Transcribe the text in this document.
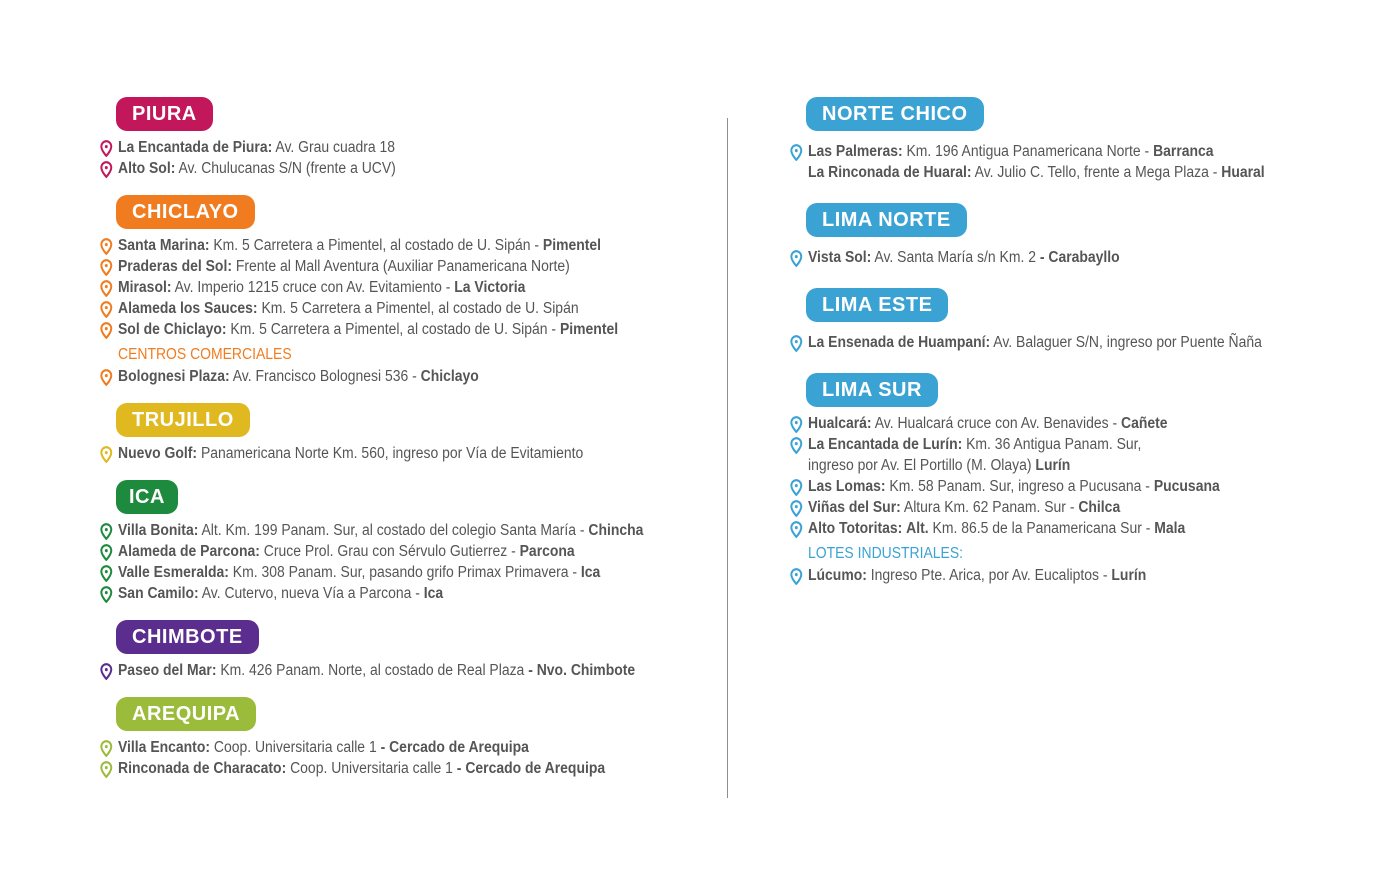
PIURA
La Encantada de Piura: Av. Grau cuadra 18
Alto Sol: Av. Chulucanas S/N (frente a UCV)
CHICLAYO
Santa Marina: Km. 5 Carretera a Pimentel, al costado de U. Sipán - Pimentel
Praderas del Sol: Frente al Mall Aventura (Auxiliar Panamericana Norte)
Mirasol: Av. Imperio 1215 cruce con Av. Evitamiento - La Victoria
Alameda los Sauces: Km. 5 Carretera a Pimentel, al costado de U. Sipán
Sol de Chiclayo: Km. 5 Carretera a Pimentel, al costado de U. Sipán - Pimentel
CENTROS COMERCIALES
Bolognesi Plaza: Av. Francisco Bolognesi 536 - Chiclayo
TRUJILLO
Nuevo Golf: Panamericana Norte Km. 560, ingreso por Vía de Evitamiento
ICA
Villa Bonita: Alt. Km. 199 Panam. Sur, al costado del colegio Santa María - Chincha
Alameda de Parcona: Cruce Prol. Grau con Sérvulo Gutierrez - Parcona
Valle Esmeralda: Km. 308 Panam. Sur, pasando grifo Primax Primavera - Ica
San Camilo: Av. Cutervo, nueva Vía a Parcona - Ica
CHIMBOTE
Paseo del Mar: Km. 426 Panam. Norte, al costado de Real Plaza - Nvo. Chimbote
AREQUIPA
Villa Encanto: Coop. Universitaria calle 1 - Cercado de Arequipa
Rinconada de Characato: Coop. Universitaria calle 1 - Cercado de Arequipa
NORTE CHICO
Las Palmeras: Km. 196 Antigua Panamericana Norte - Barranca
La Rinconada de Huaral: Av. Julio C. Tello, frente a Mega Plaza - Huaral
LIMA NORTE
Vista Sol: Av. Santa María s/n Km. 2 - Carabayllo
LIMA ESTE
La Ensenada de Huampaní: Av. Balaguer S/N, ingreso por Puente Ñaña
LIMA SUR
Hualcará: Av. Hualcará cruce con Av. Benavides - Cañete
La Encantada de Lurín: Km. 36 Antigua Panam. Sur,
ingreso por Av. El Portillo (M. Olaya) Lurín
Las Lomas: Km. 58 Panam. Sur, ingreso a Pucusana - Pucusana
Viñas del Sur: Altura Km. 62 Panam. Sur - Chilca
Alto Totoritas: Alt. Km. 86.5 de la Panamericana Sur - Mala
LOTES INDUSTRIALES:
Lúcumo: Ingreso Pte. Arica, por Av. Eucaliptos - Lurín
